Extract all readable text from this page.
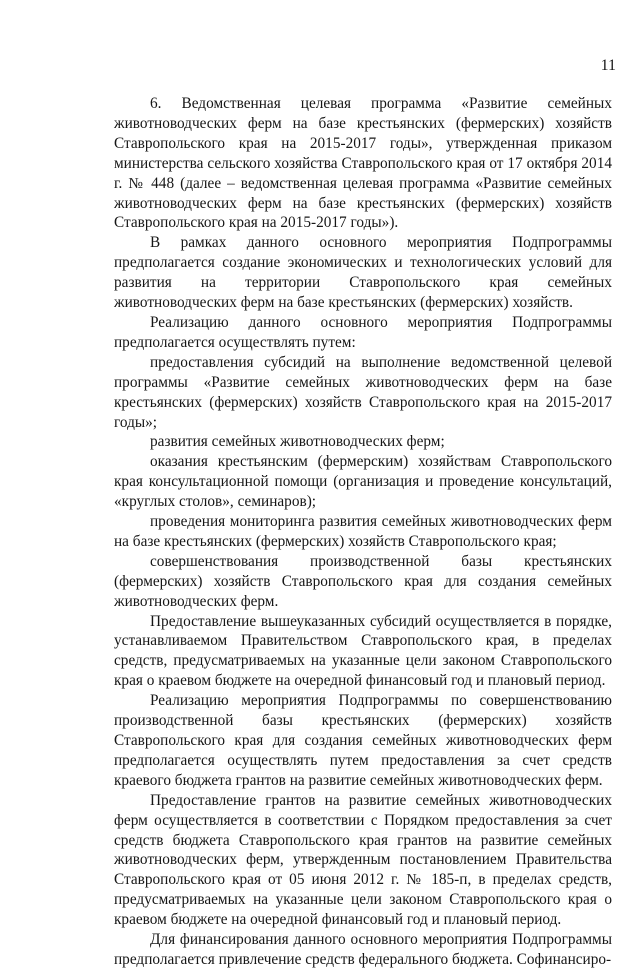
11

6. Ведомственная целевая программа «Развитие семейных животноводческих ферм на базе крестьянских (фермерских) хозяйств Ставропольского края на 2015-2017 годы», утвержденная приказом министерства сельского хозяйства Ставропольского края от 17 октября 2014 г. № 448 (далее – ведомственная целевая программа «Развитие семейных животноводческих ферм на базе крестьянских (фермерских) хозяйств Ставропольского края на 2015-2017 годы»).

В рамках данного основного мероприятия Подпрограммы предполагается создание экономических и технологических условий для развития на территории Ставропольского края семейных животноводческих ферм на базе крестьянских (фермерских) хозяйств.

Реализацию данного основного мероприятия Подпрограммы предполагается осуществлять путем:

предоставления субсидий на выполнение ведомственной целевой программы «Развитие семейных животноводческих ферм на базе крестьянских (фермерских) хозяйств Ставропольского края на 2015-2017 годы»;

развития семейных животноводческих ферм;

оказания крестьянским (фермерским) хозяйствам Ставропольского края консультационной помощи (организация и проведение консультаций, «круглых столов», семинаров);

проведения мониторинга развития семейных животноводческих ферм на базе крестьянских (фермерских) хозяйств Ставропольского края;

совершенствования производственной базы крестьянских (фермерских) хозяйств Ставропольского края для создания семейных животноводческих ферм.

Предоставление вышеуказанных субсидий осуществляется в порядке, устанавливаемом Правительством Ставропольского края, в пределах средств, предусматриваемых на указанные цели законом Ставропольского края о краевом бюджете на очередной финансовый год и плановый период.

Реализацию мероприятия Подпрограммы по совершенствованию производственной базы крестьянских (фермерских) хозяйств Ставропольского края для создания семейных животноводческих ферм предполагается осуществлять путем предоставления за счет средств краевого бюджета грантов на развитие семейных животноводческих ферм.

Предоставление грантов на развитие семейных животноводческих ферм осуществляется в соответствии с Порядком предоставления за счет средств бюджета Ставропольского края грантов на развитие семейных животноводческих ферм, утвержденным постановлением Правительства Ставропольского края от 05 июня 2012 г. № 185-п, в пределах средств, предусматриваемых на указанные цели законом Ставропольского края о краевом бюджете на очередной финансовый год и плановый период.

Для финансирования данного основного мероприятия Подпрограммы предполагается привлечение средств федерального бюджета. Софинансиро-
